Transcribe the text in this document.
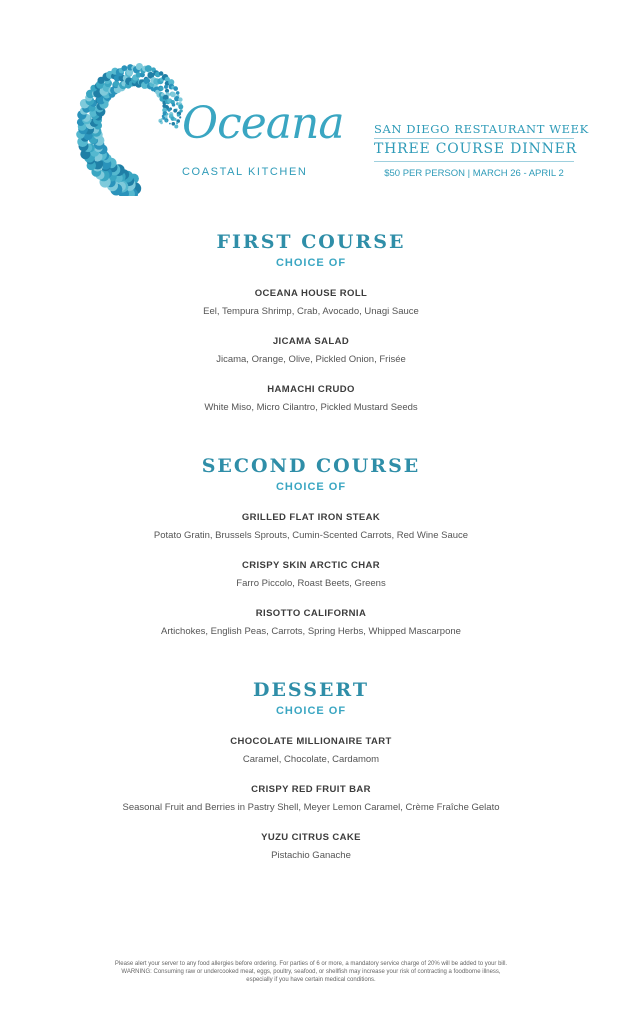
Oceana
COASTAL KITCHEN
SAN DIEGO RESTAURANT WEEK
THREE COURSE DINNER
$50 PER PERSON | MARCH 26 - APRIL 2
FIRST COURSE
CHOICE OF
OCEANA HOUSE ROLL
Eel, Tempura Shrimp, Crab, Avocado, Unagi Sauce
JICAMA SALAD
Jicama, Orange, Olive, Pickled Onion, Frisée
HAMACHI CRUDO
White Miso, Micro Cilantro, Pickled Mustard Seeds
SECOND COURSE
CHOICE OF
GRILLED FLAT IRON STEAK
Potato Gratin, Brussels Sprouts, Cumin-Scented Carrots, Red Wine Sauce
CRISPY SKIN ARCTIC CHAR
Farro Piccolo, Roast Beets, Greens
RISOTTO CALIFORNIA
Artichokes, English Peas, Carrots, Spring Herbs, Whipped Mascarpone
DESSERT
CHOICE OF
CHOCOLATE MILLIONAIRE TART
Caramel, Chocolate, Cardamom
CRISPY RED FRUIT BAR
Seasonal Fruit and Berries in Pastry Shell, Meyer Lemon Caramel, Crème Fraîche Gelato
YUZU CITRUS CAKE
Pistachio Ganache
Please alert your server to any food allergies before ordering. For parties of 6 or more, a mandatory service charge of 20% will be added to your bill.
WARNING: Consuming raw or undercooked meat, eggs, poultry, seafood, or shellfish may increase your risk of contracting a foodborne illness,
especially if you have certain medical conditions.
